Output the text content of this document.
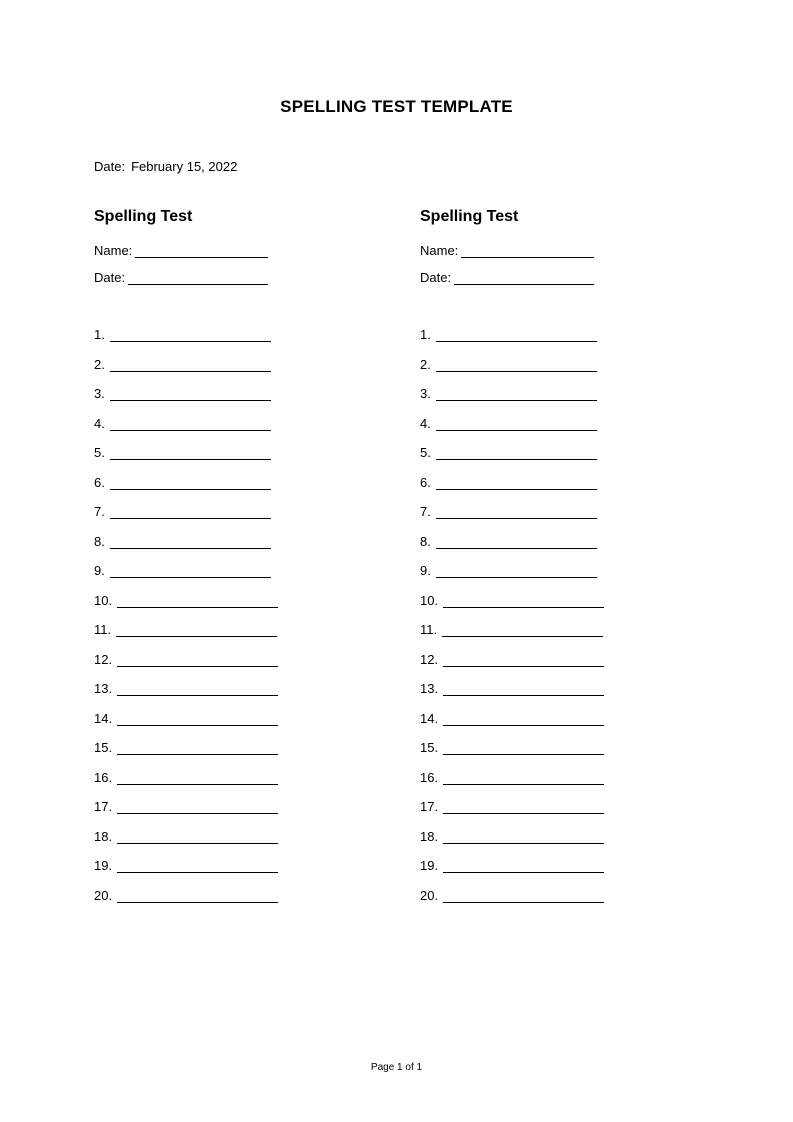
SPELLING TEST TEMPLATE
Date: February 15, 2022
Spelling Test
Name:
Date:
1.
2.
3.
4.
5.
6.
7.
8.
9.
10.
11.
12.
13.
14.
15.
16.
17.
18.
19.
20.
Spelling Test
Name:
Date:
1.
2.
3.
4.
5.
6.
7.
8.
9.
10.
11.
12.
13.
14.
15.
16.
17.
18.
19.
20.
Page 1 of 1
